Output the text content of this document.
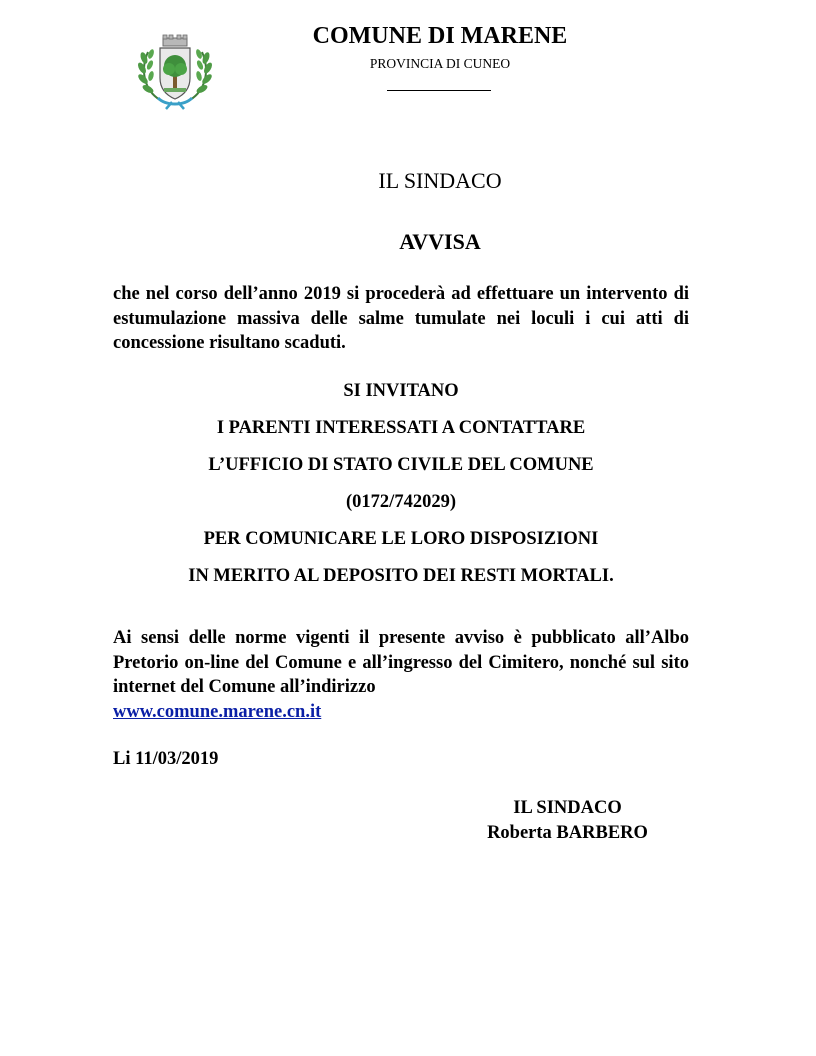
COMUNE DI MARENE
PROVINCIA DI CUNEO
IL SINDACO
AVVISA

che nel corso dell’anno 2019 si procederà ad effettuare un intervento di estumulazione massiva delle salme tumulate nei loculi i cui atti di concessione risultano scaduti.

SI INVITANO
I PARENTI INTERESSATI A CONTATTARE
L’UFFICIO DI STATO CIVILE DEL COMUNE
(0172/742029)
PER COMUNICARE LE LORO DISPOSIZIONI
IN MERITO AL DEPOSITO DEI RESTI MORTALI.

Ai sensi delle norme vigenti il presente avviso è pubblicato all’Albo Pretorio on-line del Comune e all’ingresso del Cimitero, nonché sul sito internet del Comune all’indirizzo
www.comune.marene.cn.it

Li 11/03/2019
IL SINDACO
Roberta BARBERO
